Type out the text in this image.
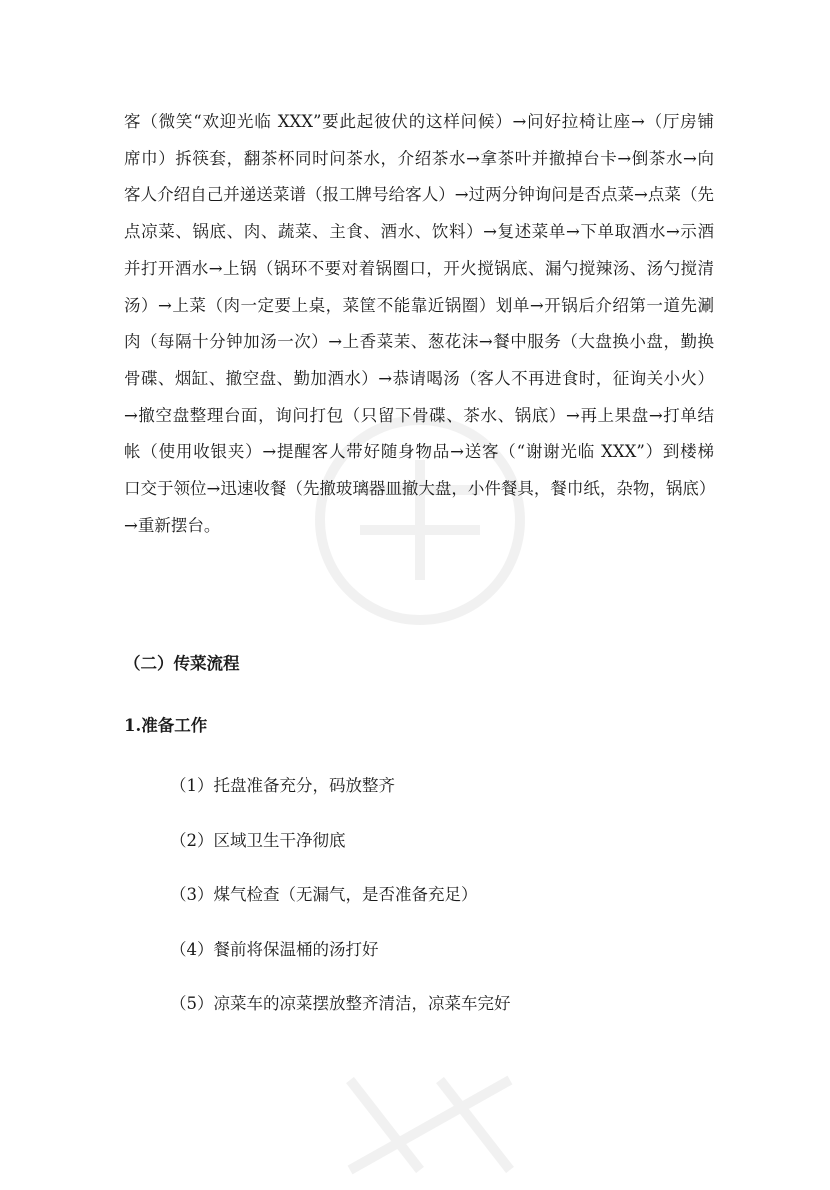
客（微笑“欢迎光临 XXX”要此起彼伏的这样问候）→问好拉椅让座→（厅房铺
席巾）拆筷套，翻茶杯同时问茶水，介绍茶水→拿茶叶并撤掉台卡→倒茶水→向
客人介绍自己并递送菜谱（报工牌号给客人）→过两分钟询问是否点菜→点菜（先
点凉菜、锅底、肉、蔬菜、主食、酒水、饮料）→复述菜单→下单取酒水→示酒
并打开酒水→上锅（锅环不要对着锅圈口，开火搅锅底、漏勺搅辣汤、汤勺搅清
汤）→上菜（肉一定要上桌，菜筐不能靠近锅圈）划单→开锅后介绍第一道先涮
肉（每隔十分钟加汤一次）→上香菜茉、葱花沫→餐中服务（大盘换小盘，勤换
骨碟、烟缸、撤空盘、勤加酒水）→恭请喝汤（客人不再进食时，征询关小火）
→撤空盘整理台面，询问打包（只留下骨碟、茶水、锅底）→再上果盘→打单结
帐（使用收银夹）→提醒客人带好随身物品→送客（“谢谢光临 XXX”）到楼梯
口交于领位→迅速收餐（先撤玻璃器皿撤大盘，小件餐具，餐巾纸，杂物，锅底）
→重新摆台。

（二）传菜流程
1.准备工作
（1）托盘准备充分，码放整齐
（2）区域卫生干净彻底
（3）煤气检查（无漏气，是否准备充足）
（4）餐前将保温桶的汤打好
（5）凉菜车的凉菜摆放整齐清洁，凉菜车完好
